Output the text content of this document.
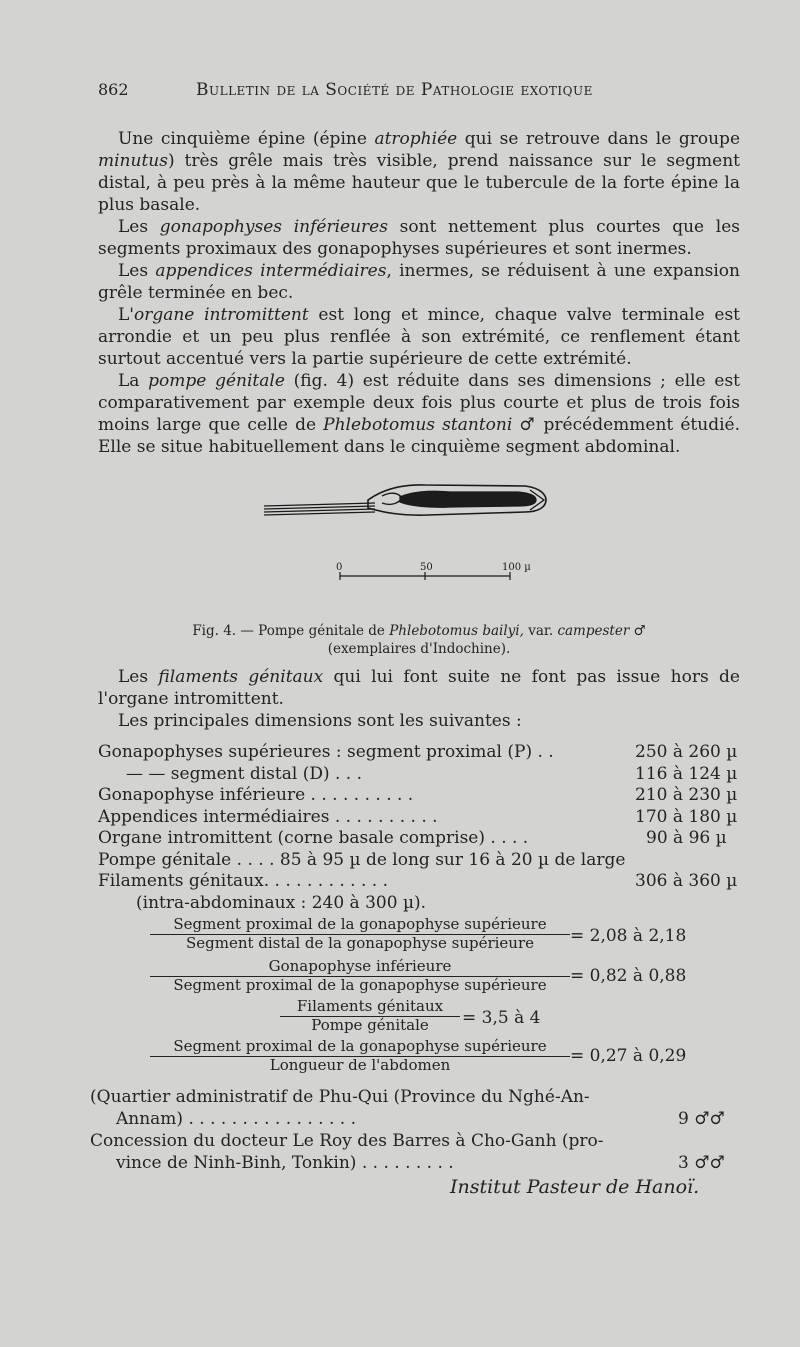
862	Bulletin de la Société de Pathologie exotique

Une cinquième épine (épine atrophiée qui se retrouve dans le groupe minutus) très grêle mais très visible, prend naissance sur le segment distal, à peu près à la même hauteur que le tubercule de la forte épine la plus basale.

Les gonapophyses inférieures sont nettement plus courtes que les segments proximaux des gonapophyses supérieures et sont inermes.

Les appendices intermédiaires, inermes, se réduisent à une expansion grêle terminée en bec.

L'organe intromittent est long et mince, chaque valve terminale est arrondie et un peu plus renflée à son extrémité, ce renflement étant surtout accentué vers la partie supérieure de cette extrémité.

La pompe génitale (fig. 4) est réduite dans ses dimensions ; elle est comparativement par exemple deux fois plus courte et plus de trois fois moins large que celle de Phlebotomus stantoni ♂ précédemment étudié. Elle se situe habituellement dans le cinquième segment abdominal.

0	50	100 µ
Fig. 4. — Pompe génitale de Phlebotomus bailyi, var. campester ♂
(exemplaires d'Indochine).

Les filaments génitaux qui lui font suite ne font pas issue hors de l'organe intromittent.

Les principales dimensions sont les suivantes :

Gonapophyses supérieures : segment proximal (P) . .	250 à 260 µ
— — segment distal (D) . . .	116 à 124 µ
Gonapophyse inférieure . . . . . . . . . .	210 à 230 µ
Appendices intermédiaires . . . . . . . . . .	170 à 180 µ
Organe intromittent (corne basale comprise) . . . .	90 à 96 µ
Pompe génitale . . . . 85 à 95 µ de long sur 16 à 20 µ de large
Filaments génitaux. . . . . . . . . . . .	306 à 360 µ
(intra-abdominaux : 240 à 300 µ).
Segment proximal de la gonapophyse supérieure
Segment distal de la gonapophyse supérieure	= 2,08 à 2,18
Gonapophyse inférieure
Segment proximal de la gonapophyse supérieure	= 0,82 à 0,88
Filaments génitaux
Pompe génitale	= 3,5 à 4
Segment proximal de la gonapophyse supérieure
Longueur de l'abdomen	= 0,27 à 0,29
(Quartier administratif de Phu-Qui (Province du Nghé-An-
Annam) . . . . . . . . . . . . . . . .	9 ♂♂
Concession du docteur Le Roy des Barres à Cho-Ganh (pro-
vince de Ninh-Binh, Tonkin) . . . . . . . . .	3 ♂♂
Institut Pasteur de Hanoï.
